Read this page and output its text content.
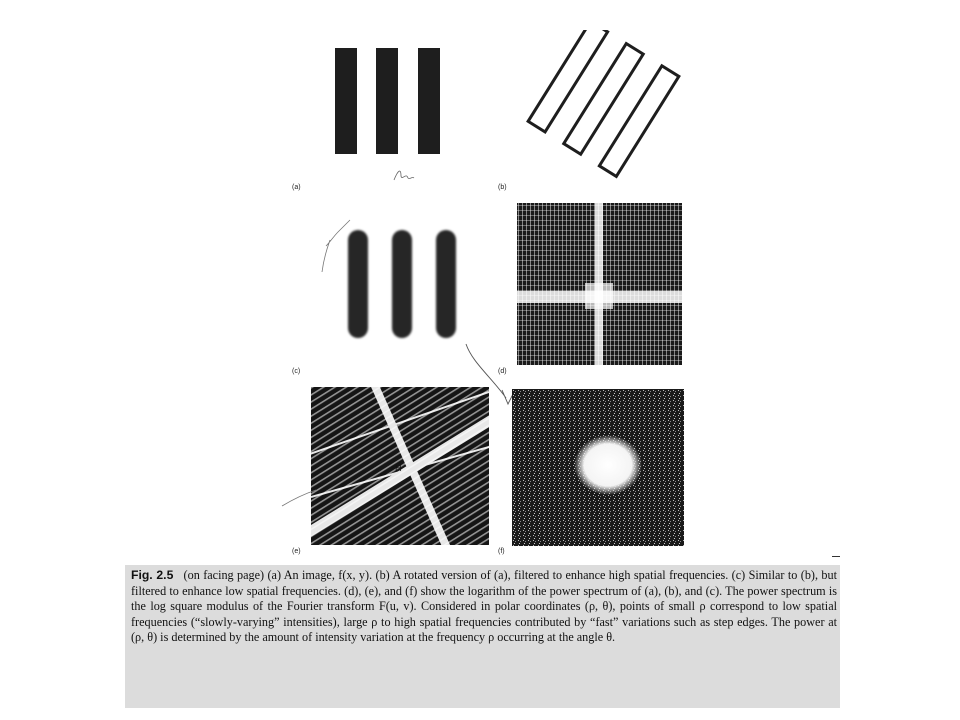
(a)	(b)
(c)	(d)
H
(e)	(f)

Fig. 2.5 (on facing page) (a) An image, f(x, y). (b) A rotated version of (a), filtered to enhance high spatial frequencies. (c) Similar to (b), but filtered to enhance low spatial frequencies. (d), (e), and (f) show the logarithm of the power spectrum of (a), (b), and (c). The power spectrum is the log square modulus of the Fourier transform F(u, v). Considered in polar coordinates (ρ, θ), points of small ρ correspond to low spatial frequencies (“slowly-varying” intensities), large ρ to high spatial frequencies contributed by “fast” variations such as step edges. The power at (ρ, θ) is determined by the amount of intensity variation at the frequency ρ occurring at the angle θ.
